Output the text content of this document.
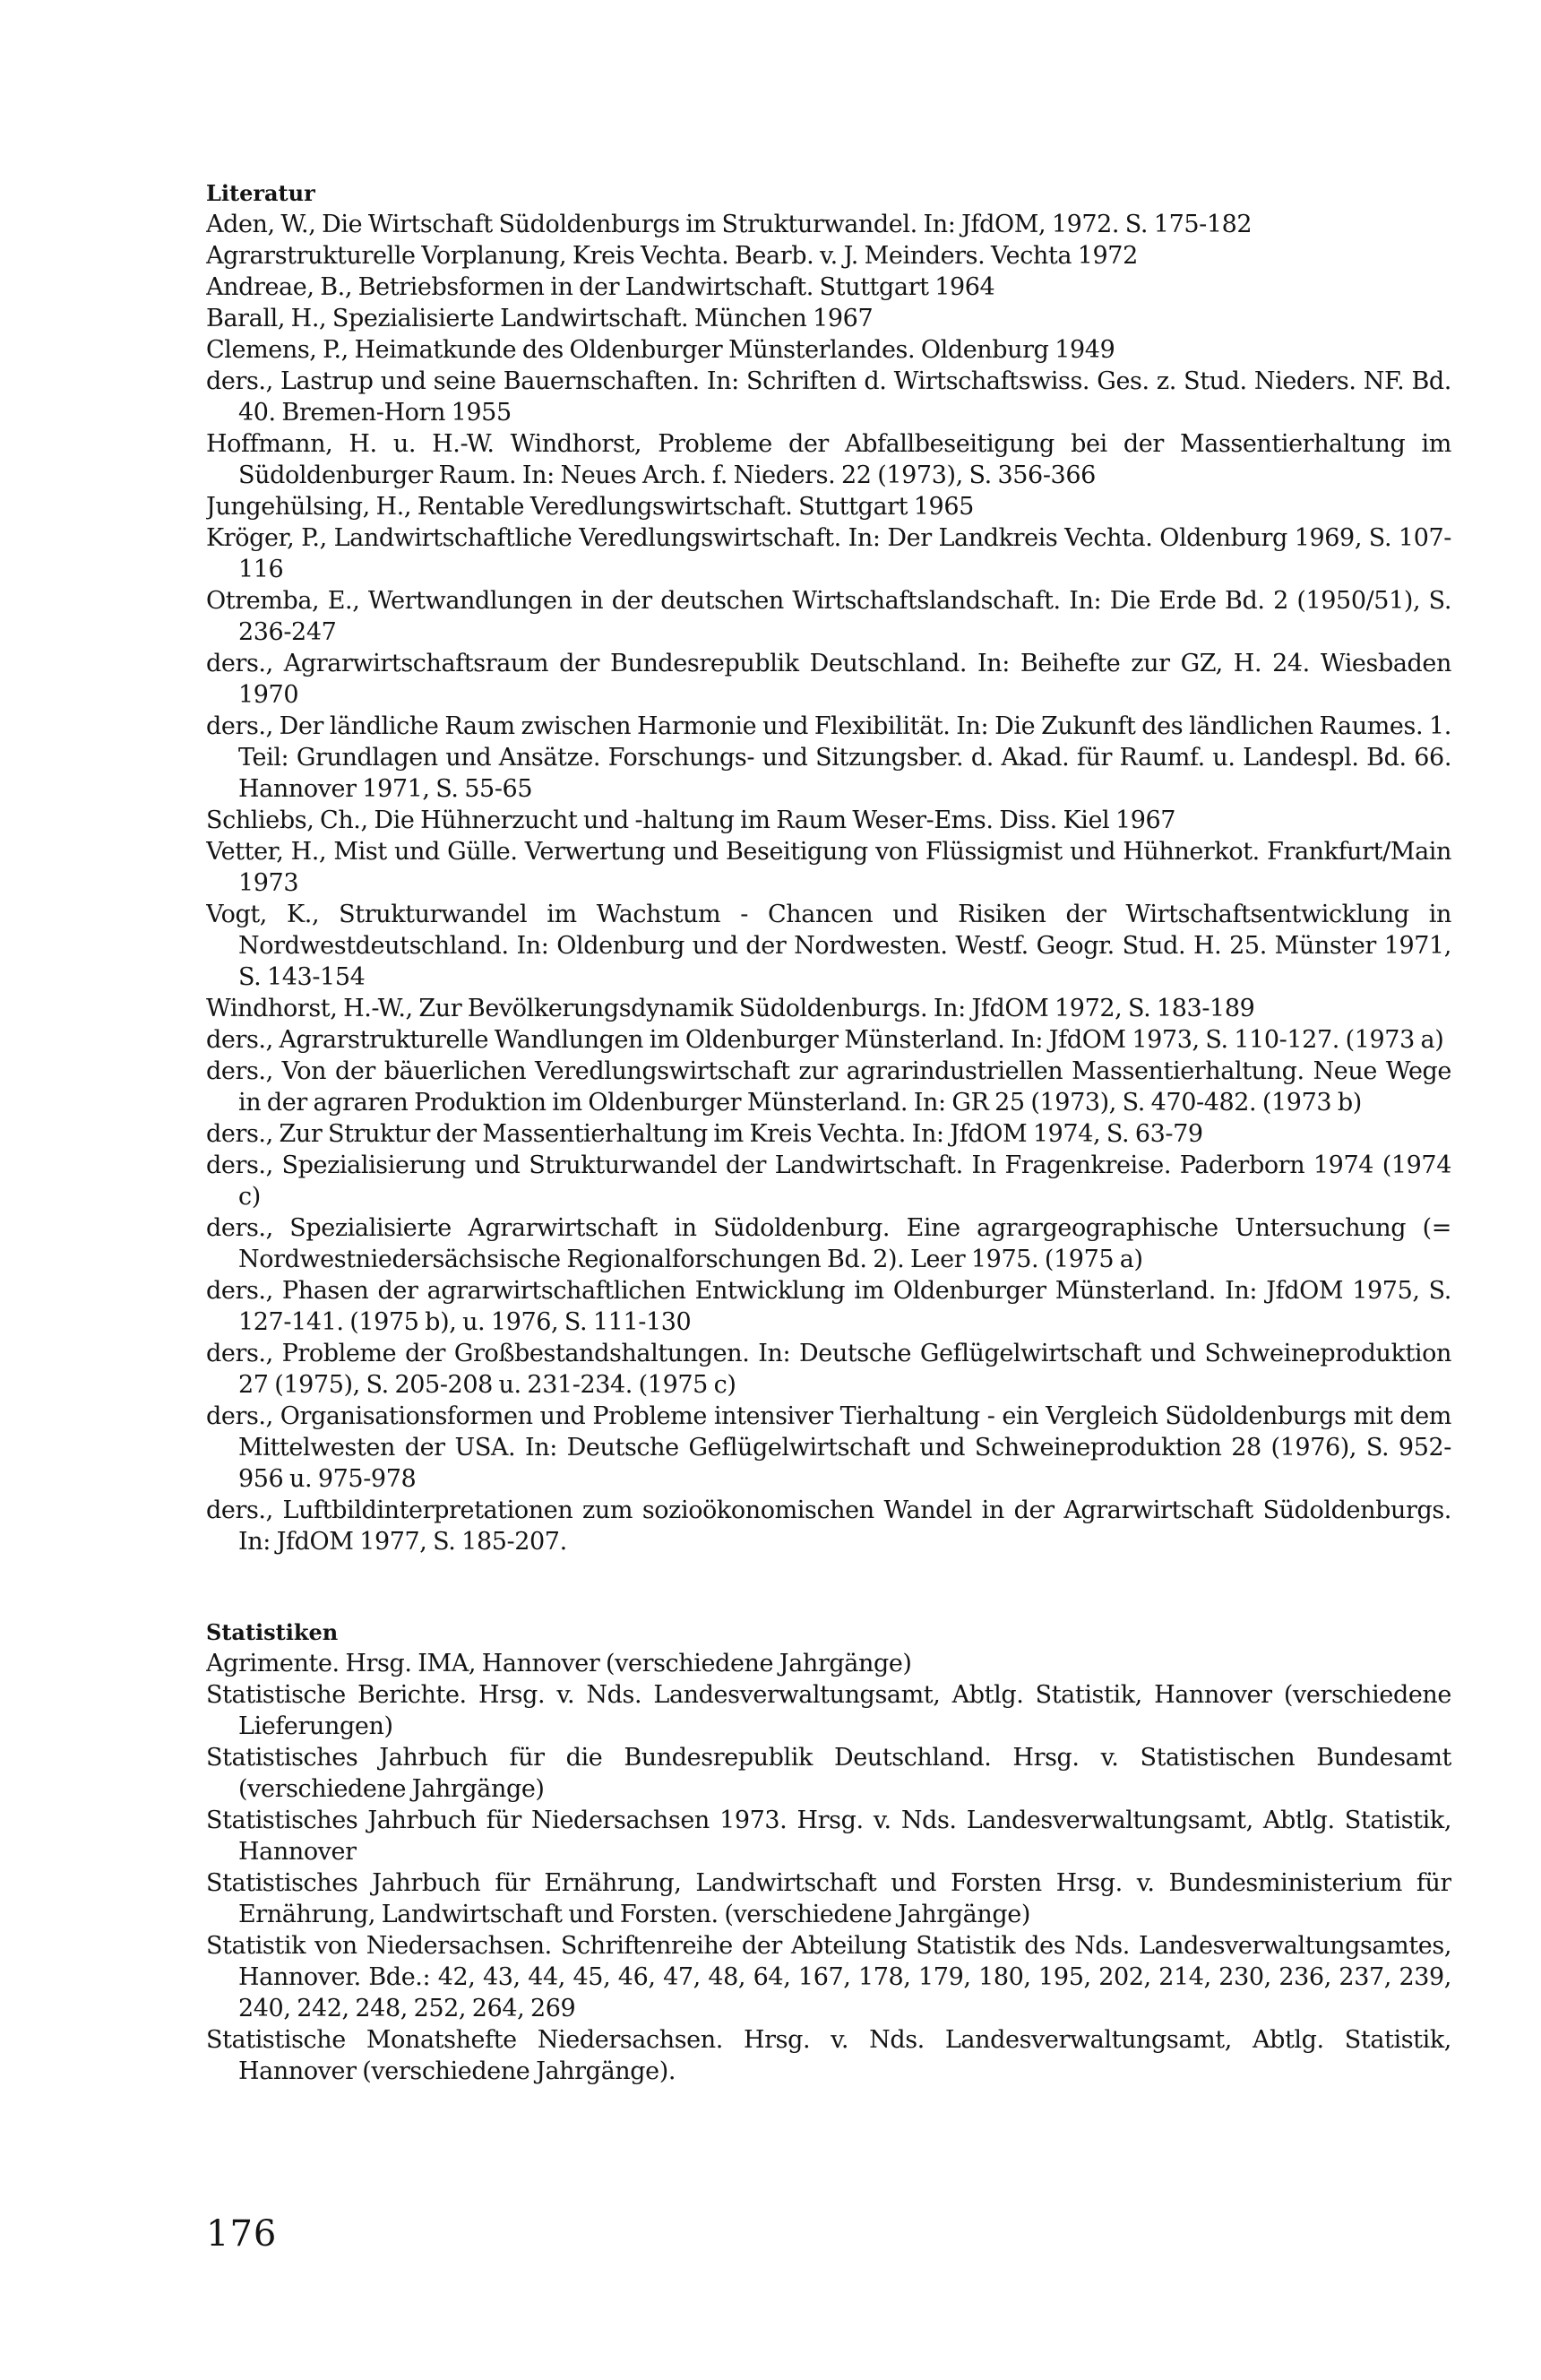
Literatur
Aden, W., Die Wirtschaft Südoldenburgs im Strukturwandel. In: JfdOM, 1972. S. 175-182
Agrarstrukturelle Vorplanung, Kreis Vechta. Bearb. v. J. Meinders. Vechta 1972
Andreae, B., Betriebsformen in der Landwirtschaft. Stuttgart 1964
Barall, H., Spezialisierte Landwirtschaft. München 1967
Clemens, P., Heimatkunde des Oldenburger Münsterlandes. Oldenburg 1949
ders., Lastrup und seine Bauernschaften. In: Schriften d. Wirtschaftswiss. Ges. z. Stud. Nieders. NF. Bd. 40. Bremen-Horn 1955
Hoffmann, H. u. H.-W. Windhorst, Probleme der Abfallbeseitigung bei der Massentierhaltung im Südoldenburger Raum. In: Neues Arch. f. Nieders. 22 (1973), S. 356-366
Jungehülsing, H., Rentable Veredlungswirtschaft. Stuttgart 1965
Kröger, P., Landwirtschaftliche Veredlungswirtschaft. In: Der Landkreis Vechta. Oldenburg 1969, S. 107-116
Otremba, E., Wertwandlungen in der deutschen Wirtschaftslandschaft. In: Die Erde Bd. 2 (1950/51), S. 236-247
ders., Agrarwirtschaftsraum der Bundesrepublik Deutschland. In: Beihefte zur GZ, H. 24. Wiesbaden 1970
ders., Der ländliche Raum zwischen Harmonie und Flexibilität. In: Die Zukunft des ländlichen Raumes. 1. Teil: Grundlagen und Ansätze. Forschungs- und Sitzungsber. d. Akad. für Raumf. u. Landespl. Bd. 66. Hannover 1971, S. 55-65
Schliebs, Ch., Die Hühnerzucht und -haltung im Raum Weser-Ems. Diss. Kiel 1967
Vetter, H., Mist und Gülle. Verwertung und Beseitigung von Flüssigmist und Hühnerkot. Frankfurt/Main 1973
Vogt, K., Strukturwandel im Wachstum - Chancen und Risiken der Wirtschaftsentwicklung in Nordwestdeutschland. In: Oldenburg und der Nordwesten. Westf. Geogr. Stud. H. 25. Münster 1971, S. 143-154
Windhorst, H.-W., Zur Bevölkerungsdynamik Südoldenburgs. In: JfdOM 1972, S. 183-189
ders., Agrarstrukturelle Wandlungen im Oldenburger Münsterland. In: JfdOM 1973, S. 110-127. (1973 a)
ders., Von der bäuerlichen Veredlungswirtschaft zur agrarindustriellen Massentierhaltung. Neue Wege in der agraren Produktion im Oldenburger Münsterland. In: GR 25 (1973), S. 470-482. (1973 b)
ders., Zur Struktur der Massentierhaltung im Kreis Vechta. In: JfdOM 1974, S. 63-79
ders., Spezialisierung und Strukturwandel der Landwirtschaft. In Fragenkreise. Paderborn 1974 (1974 c)
ders., Spezialisierte Agrarwirtschaft in Südoldenburg. Eine agrargeographische Untersuchung (= Nordwestniedersächsische Regionalforschungen Bd. 2). Leer 1975. (1975 a)
ders., Phasen der agrarwirtschaftlichen Entwicklung im Oldenburger Münsterland. In: JfdOM 1975, S. 127-141. (1975 b), u. 1976, S. 111-130
ders., Probleme der Großbestandshaltungen. In: Deutsche Geflügelwirtschaft und Schweineproduktion 27 (1975), S. 205-208 u. 231-234. (1975 c)
ders., Organisationsformen und Probleme intensiver Tierhaltung - ein Vergleich Südoldenburgs mit dem Mittelwesten der USA. In: Deutsche Geflügelwirtschaft und Schweineproduktion 28 (1976), S. 952-956 u. 975-978
ders., Luftbildinterpretationen zum sozioökonomischen Wandel in der Agrarwirtschaft Südoldenburgs. In: JfdOM 1977, S. 185-207.
Statistiken
Agrimente. Hrsg. IMA, Hannover (verschiedene Jahrgänge)
Statistische Berichte. Hrsg. v. Nds. Landesverwaltungsamt, Abtlg. Statistik, Hannover (verschiedene Lieferungen)
Statistisches Jahrbuch für die Bundesrepublik Deutschland. Hrsg. v. Statistischen Bundesamt (verschiedene Jahrgänge)
Statistisches Jahrbuch für Niedersachsen 1973. Hrsg. v. Nds. Landesverwaltungsamt, Abtlg. Statistik, Hannover
Statistisches Jahrbuch für Ernährung, Landwirtschaft und Forsten Hrsg. v. Bundesministerium für Ernährung, Landwirtschaft und Forsten. (verschiedene Jahrgänge)
Statistik von Niedersachsen. Schriftenreihe der Abteilung Statistik des Nds. Landesverwaltungsamtes, Hannover. Bde.: 42, 43, 44, 45, 46, 47, 48, 64, 167, 178, 179, 180, 195, 202, 214, 230, 236, 237, 239, 240, 242, 248, 252, 264, 269
Statistische Monatshefte Niedersachsen. Hrsg. v. Nds. Landesverwaltungsamt, Abtlg. Statistik, Hannover (verschiedene Jahrgänge).

176
